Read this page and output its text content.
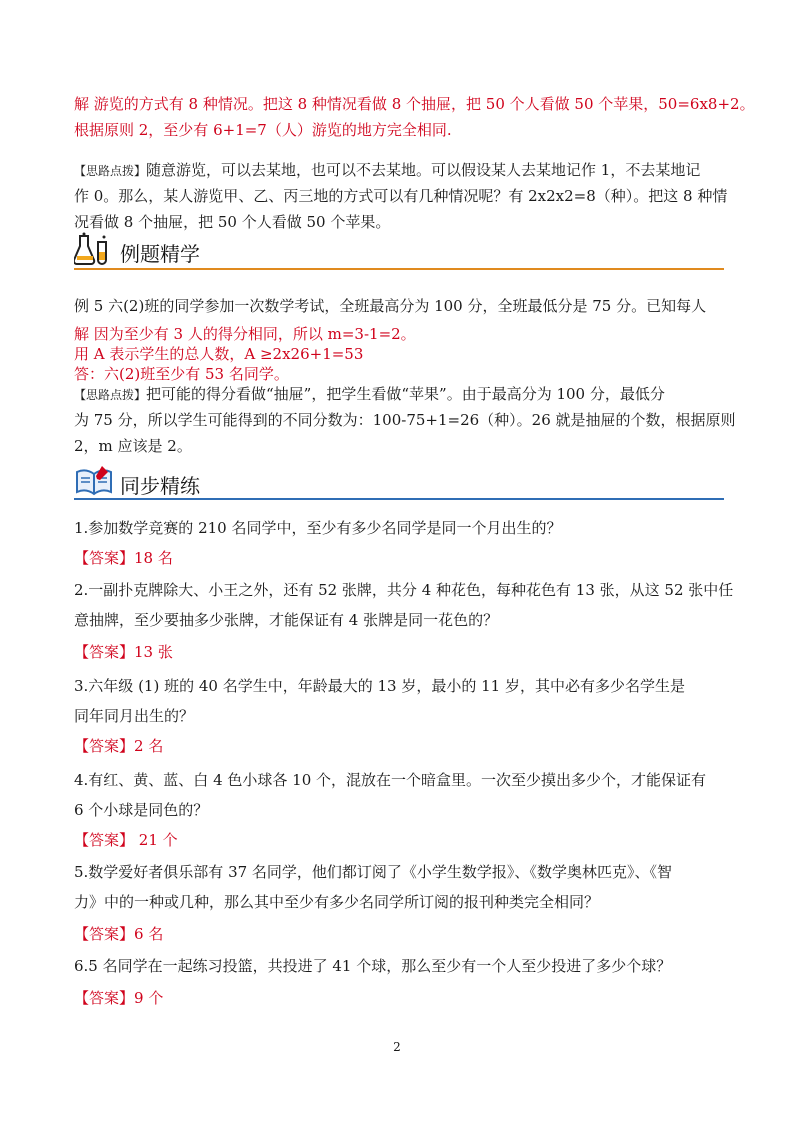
解 游览的方式有 8 种情况。把这 8 种情况看做 8 个抽屉，把 50 个人看做 50 个苹果，50=6x8+2。
根据原则 2，至少有 6+1=7（人）游览的地方完全相同.
【思路点拨】随意游览，可以去某地，也可以不去某地。可以假设某人去某地记作 1，不去某地记
作 0。那么，某人游览甲、乙、丙三地的方式可以有几种情况呢？有 2x2x2=8（种）。把这 8 种情
况看做 8 个抽屉，把 50 个人看做 50 个苹果。
例题精学
例 5 六(2)班的同学参加一次数学考试，全班最高分为 100 分，全班最低分是 75 分。已知每人
解 因为至少有 3 人的得分相同，所以 m=3-1=2。
用 A 表示学生的总人数，A ≥2x26+1=53
答：六(2)班至少有 53 名同学。
【思路点拨】把可能的得分看做“抽屉”，把学生看做“苹果”。由于最高分为 100 分，最低分
为 75 分，所以学生可能得到的不同分数为：100-75+1=26（种）。26 就是抽屉的个数，根据原则
2，m 应该是 2。
同步精练
1.参加数学竞赛的 210 名同学中，至少有多少名同学是同一个月出生的？
【答案】18 名
2.一副扑克牌除大、小王之外，还有 52 张牌，共分 4 种花色，每种花色有 13 张，从这 52 张中任
意抽牌，至少要抽多少张牌，才能保证有 4 张牌是同一花色的？
【答案】13 张
3.六年级 (1) 班的 40 名学生中，年龄最大的 13 岁，最小的 11 岁，其中必有多少名学生是
同年同月出生的？
【答案】2 名
4.有红、黄、蓝、白 4 色小球各 10 个，混放在一个暗盒里。一次至少摸出多少个，才能保证有
6 个小球是同色的？
【答案】 21 个
5.数学爱好者俱乐部有 37 名同学，他们都订阅了《小学生数学报》、《数学奥林匹克》、《智
力》中的一种或几种，那么其中至少有多少名同学所订阅的报刊种类完全相同？
【答案】6 名
6.5 名同学在一起练习投篮，共投进了 41 个球，那么至少有一个人至少投进了多少个球？
【答案】9 个
2
